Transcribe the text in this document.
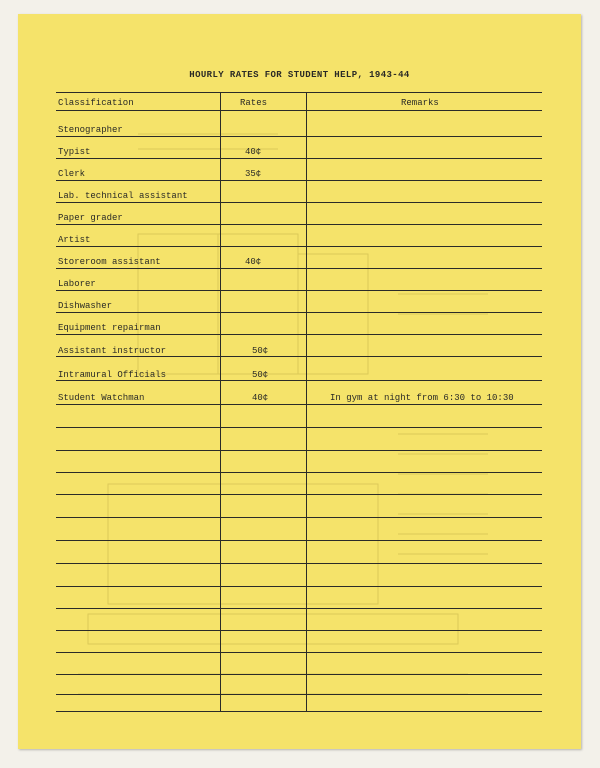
HOURLY RATES FOR STUDENT HELP, 1943-44
Classification	Rates	Remarks
Stenographer
Typist	40¢
Clerk	35¢
Lab. technical assistant
Paper grader
Artist
Storeroom assistant	40¢
Laborer
Dishwasher
Equipment repairman
Assistant instructor	50¢
Intramural Officials	50¢
Student Watchman	40¢	In gym at night from 6:30 to 10:30
